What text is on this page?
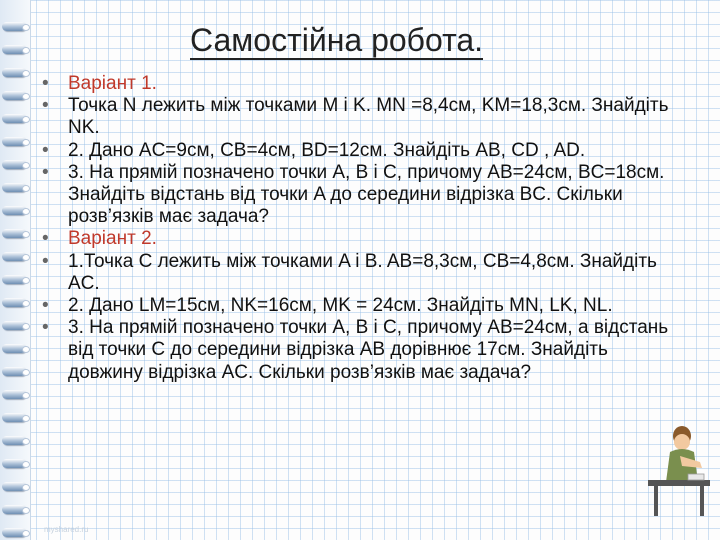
Самостійна робота.
• Варіант 1.
• Точка N лежить між точками M і K. MN =8,4см, KM=18,3см. Знайдіть NK.
• 2. Дано AC=9см, CB=4см, BD=12см. Знайдіть AB, CD , AD.
• 3. На прямій позначено точки A, B і C, причому AB=24см, BC=18см. Знайдіть відстань від точки A до середини відрізка BC. Скільки розв’язків має задача?
• Варіант 2.
• 1.Точка C лежить між точками A і B. AB=8,3см, CB=4,8см. Знайдіть AC.
• 2. Дано LM=15см, NK=16см, MK = 24см. Знайдіть MN, LK, NL.
• 3. На прямій позначено точки A, B і C, причому AB=24см, а відстань від точки C до середини відрізка AB дорівнює 17см. Знайдіть довжину відрізка AC. Скільки розв’язків має задача?
myshared.ru
